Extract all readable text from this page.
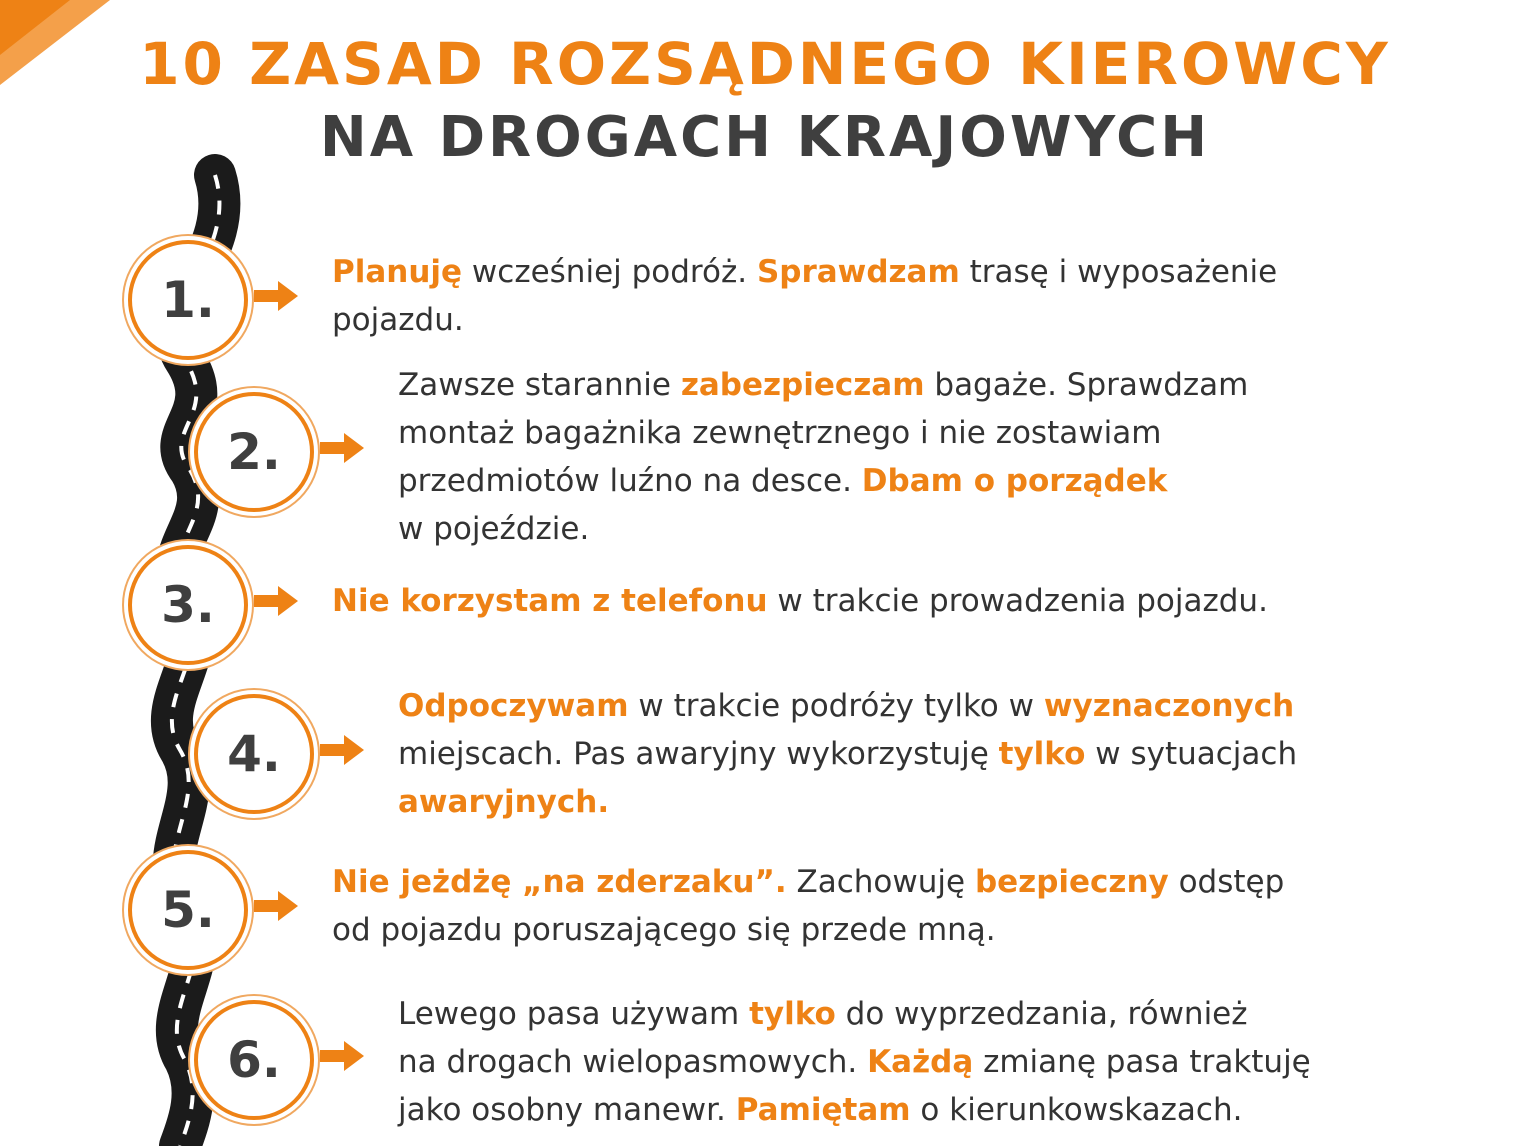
10 ZASAD ROZSĄDNEGO KIEROWCY
NA DROGACH KRAJOWYCH
1.
2.
3.
4.
5.
6.
Planuję wcześniej podróż. Sprawdzam trasę i wyposażenie
pojazdu.
Zawsze starannie zabezpieczam bagaże. Sprawdzam
montaż bagażnika zewnętrznego i nie zostawiam
przedmiotów luźno na desce. Dbam o porządek
w pojeździe.
Nie korzystam z telefonu w trakcie prowadzenia pojazdu.
Odpoczywam w trakcie podróży tylko w wyznaczonych
miejscach. Pas awaryjny wykorzystuję tylko w sytuacjach
awaryjnych.
Nie jeżdżę „na zderzaku”. Zachowuję bezpieczny odstęp
od pojazdu poruszającego się przede mną.
Lewego pasa używam tylko do wyprzedzania, również
na drogach wielopasmowych. Każdą zmianę pasa traktuję
jako osobny manewr. Pamiętam o kierunkowskazach.
